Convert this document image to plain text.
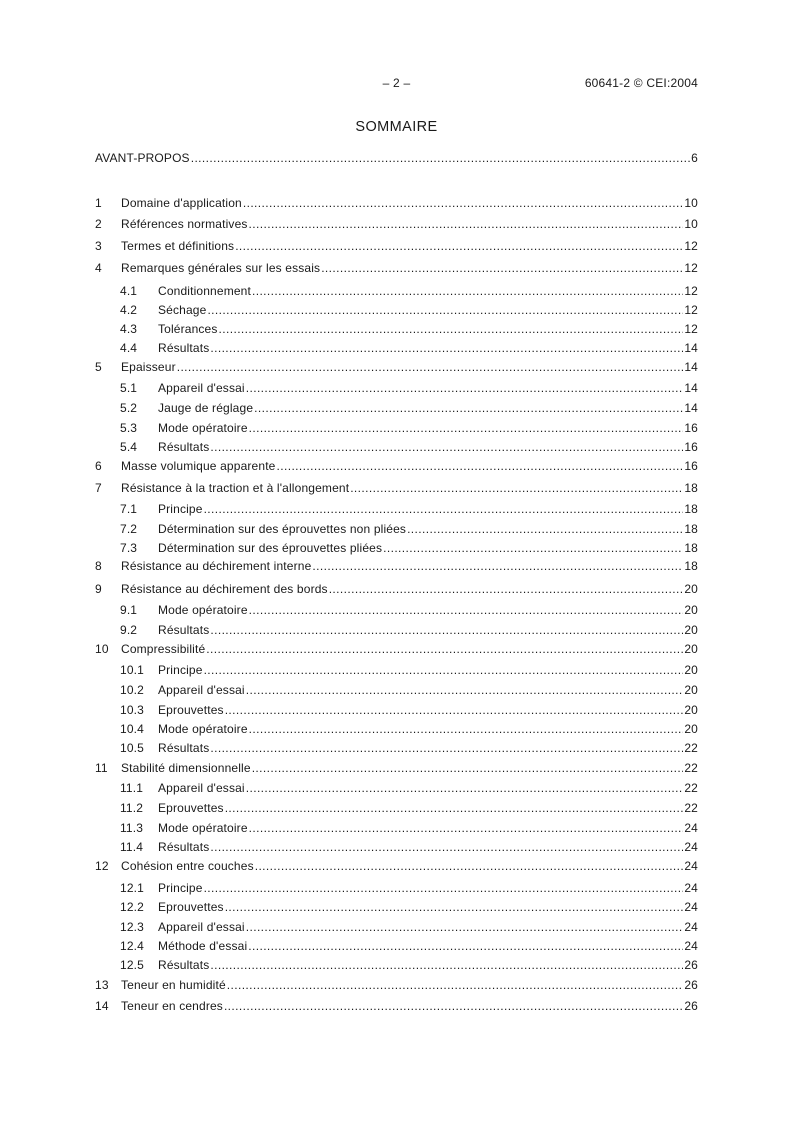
– 2 –	60641-2 © CEI:2004
SOMMAIRE
AVANT-PROPOS .....	6
1	Domaine d'application .....	10
2	Références normatives .....	10
3	Termes et définitions .....	12
4	Remarques générales sur les essais .....	12
4.1	Conditionnement .....	12
4.2	Séchage .....	12
4.3	Tolérances .....	12
4.4	Résultats .....	14
5	Epaisseur .....	14
5.1	Appareil d'essai .....	14
5.2	Jauge de réglage .....	14
5.3	Mode opératoire .....	16
5.4	Résultats .....	16
6	Masse volumique apparente .....	16
7	Résistance à la traction et à l'allongement .....	18
7.1	Principe .....	18
7.2	Détermination sur des éprouvettes non pliées .....	18
7.3	Détermination sur des éprouvettes pliées .....	18
8	Résistance au déchirement interne .....	18
9	Résistance au déchirement des bords .....	20
9.1	Mode opératoire .....	20
9.2	Résultats .....	20
10	Compressibilité .....	20
10.1	Principe .....	20
10.2	Appareil d'essai .....	20
10.3	Eprouvettes .....	20
10.4	Mode opératoire .....	20
10.5	Résultats .....	22
11	Stabilité dimensionnelle .....	22
11.1	Appareil d'essai .....	22
11.2	Eprouvettes .....	22
11.3	Mode opératoire .....	24
11.4	Résultats .....	24
12	Cohésion entre couches .....	24
12.1	Principe .....	24
12.2	Eprouvettes .....	24
12.3	Appareil d'essai .....	24
12.4	Méthode d'essai .....	24
12.5	Résultats .....	26
13	Teneur en humidité .....	26
14	Teneur en cendres .....	26
